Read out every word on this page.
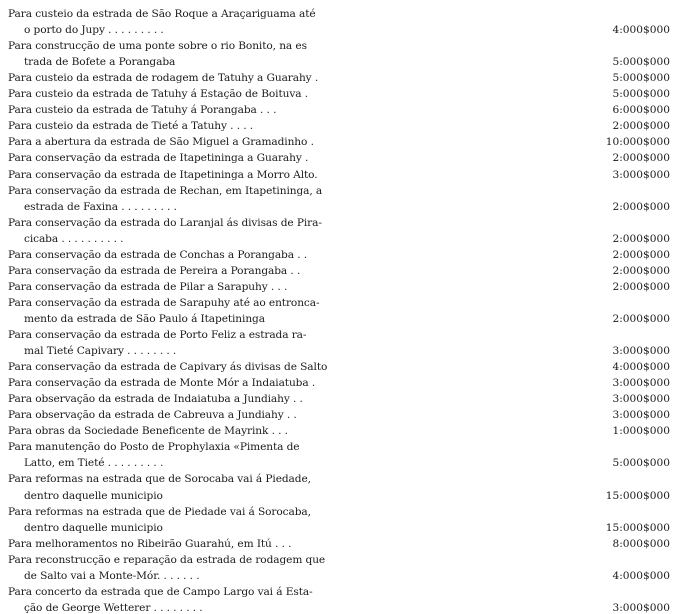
Para custeio da estrada de São Roque a Araçariguama até
o porto do Jupy . . . . . . . . .	4:000$000
Para construcção de uma ponte sobre o rio Bonito, na es
trada de Bofete a Porangaba	5:000$000
Para custeio da estrada de rodagem de Tatuhy a Guarahy .	5:000$000
Para custeio da estrada de Tatuhy á Estação de Boituva .	5:000$000
Para custeio da estrada de Tatuhy á Porangaba . . .	6:000$000
Para custeio da estrada de Tieté a Tatuhy . . . .	2:000$000
Para a abertura da estrada de São Miguel a Gramadinho .	10:000$000
Para conservação da estrada de Itapetininga a Guarahy .	2:000$000
Para conservação da estrada de Itapetininga a Morro Alto.	3:000$000
Para conservação da estrada de Rechan, em Itapetininga, a
estrada de Faxina . . . . . . . . .	2:000$000
Para conservação da estrada do Laranjal ás divisas de Pira-
cicaba . . . . . . . . . .	2:000$000
Para conservação da estrada de Conchas a Porangaba . .	2:000$000
Para conservação da estrada de Pereira a Porangaba . .	2:000$000
Para conservação da estrada de Pilar a Sarapuhy . . .	2:000$000
Para conservação da estrada de Sarapuhy até ao entronca-
mento da estrada de São Paulo á Itapetininga	2:000$000
Para conservação da estrada de Porto Feliz a estrada ra-
mal Tieté Capivary . . . . . . . .	3:000$000
Para conservação da estrada de Capivary ás divisas de Salto	4:000$000
Para conservação da estrada de Monte Mór a Indaiatuba .	3:000$000
Para observação da estrada de Indaiatuba a Jundiahy . .	3:000$000
Para observação da estrada de Cabreuva a Jundiahy . .	3:000$000
Para obras da Sociedade Beneficente de Mayrink . . .	1:000$000
Para manutenção do Posto de Prophylaxia «Pimenta de
Latto, em Tieté . . . . . . . . .	5:000$000
Para reformas na estrada que de Sorocaba vai á Piedade,
dentro daquelle municipio	15:000$000
Para reformas na estrada que de Piedade vai á Sorocaba,
dentro daquelle municipio	15:000$000
Para melhoramentos no Ribeirão Guarahú, em Itú . . .	8:000$000
Para reconstrucção e reparação da estrada de rodagem que
de Salto vai a Monte-Mór. . . . . . .	4:000$000
Para concerto da estrada que de Campo Largo vai á Esta-
ção de George Wetterer . . . . . . . .	3:000$000
